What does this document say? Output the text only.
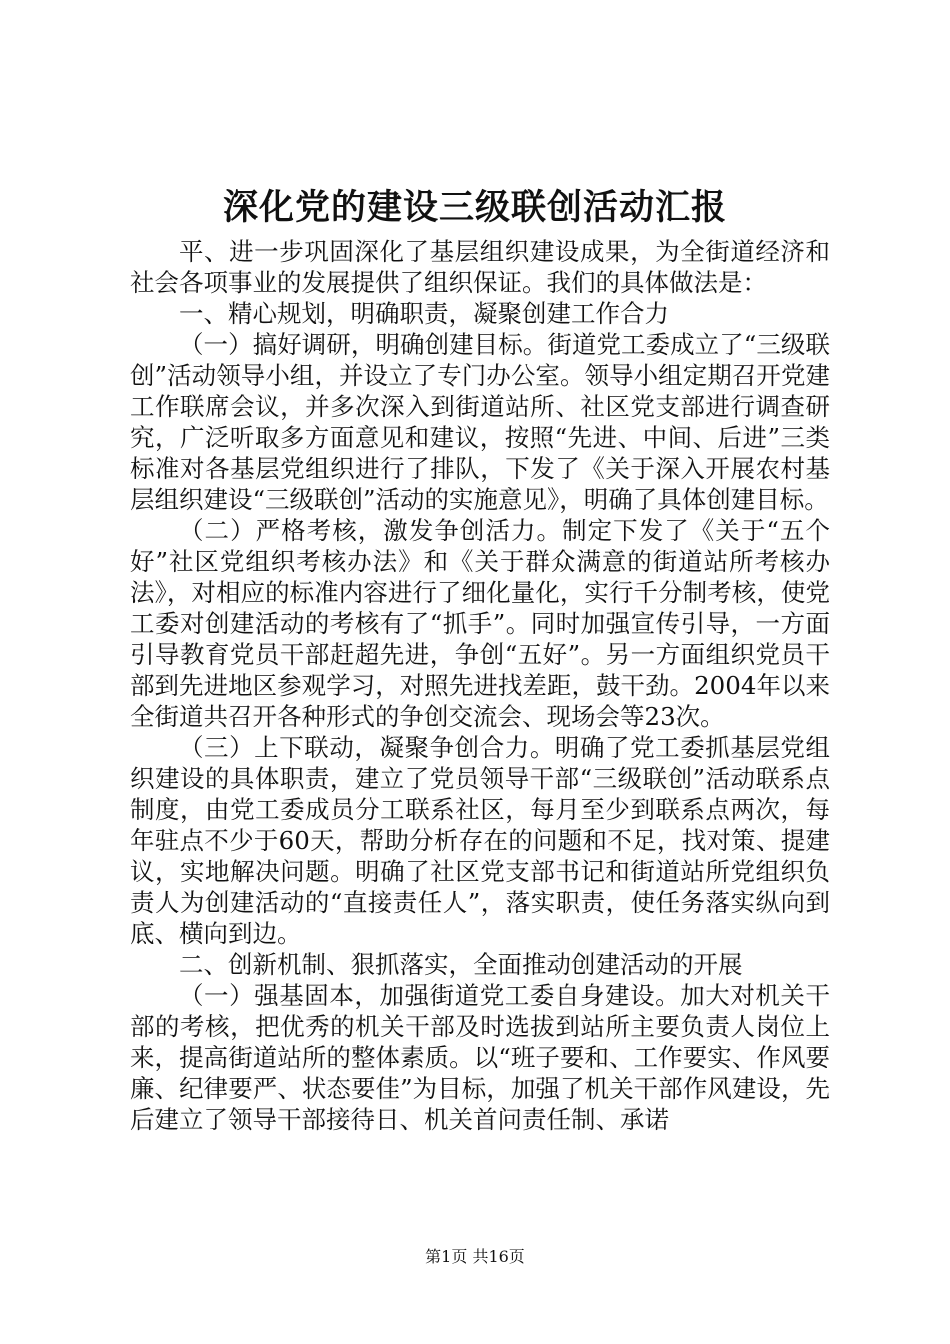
深化党的建设三级联创活动汇报

平、进一步巩固深化了基层组织建设成果，为全街道经济和社会各项事业的发展提供了组织保证。我们的具体做法是：

一、精心规划，明确职责，凝聚创建工作合力

（一）搞好调研，明确创建目标。街道党工委成立了“三级联创”活动领导小组，并设立了专门办公室。领导小组定期召开党建工作联席会议，并多次深入到街道站所、社区党支部进行调查研究，广泛听取多方面意见和建议，按照“先进、中间、后进”三类标准对各基层党组织进行了排队，下发了《关于深入开展农村基层组织建设“三级联创”活动的实施意见》，明确了具体创建目标。

（二）严格考核，激发争创活力。制定下发了《关于“五个好”社区党组织考核办法》和《关于群众满意的街道站所考核办法》，对相应的标准内容进行了细化量化，实行千分制考核，使党工委对创建活动的考核有了“抓手”。同时加强宣传引导，一方面引导教育党员干部赶超先进，争创“五好”。另一方面组织党员干部到先进地区参观学习，对照先进找差距，鼓干劲。2004年以来全街道共召开各种形式的争创交流会、现场会等23次。

（三）上下联动，凝聚争创合力。明确了党工委抓基层党组织建设的具体职责，建立了党员领导干部“三级联创”活动联系点制度，由党工委成员分工联系社区，每月至少到联系点两次，每年驻点不少于60天，帮助分析存在的问题和不足，找对策、提建议，实地解决问题。明确了社区党支部书记和街道站所党组织负责人为创建活动的“直接责任人”，落实职责，使任务落实纵向到底、横向到边。

二、创新机制、狠抓落实，全面推动创建活动的开展

（一）强基固本，加强街道党工委自身建设。加大对机关干部的考核，把优秀的机关干部及时选拔到站所主要负责人岗位上来，提高街道站所的整体素质。以“班子要和、工作要实、作风要廉、纪律要严、状态要佳”为目标，加强了机关干部作风建设，先后建立了领导干部接待日、机关首问责任制、承诺

第1页 共16页
